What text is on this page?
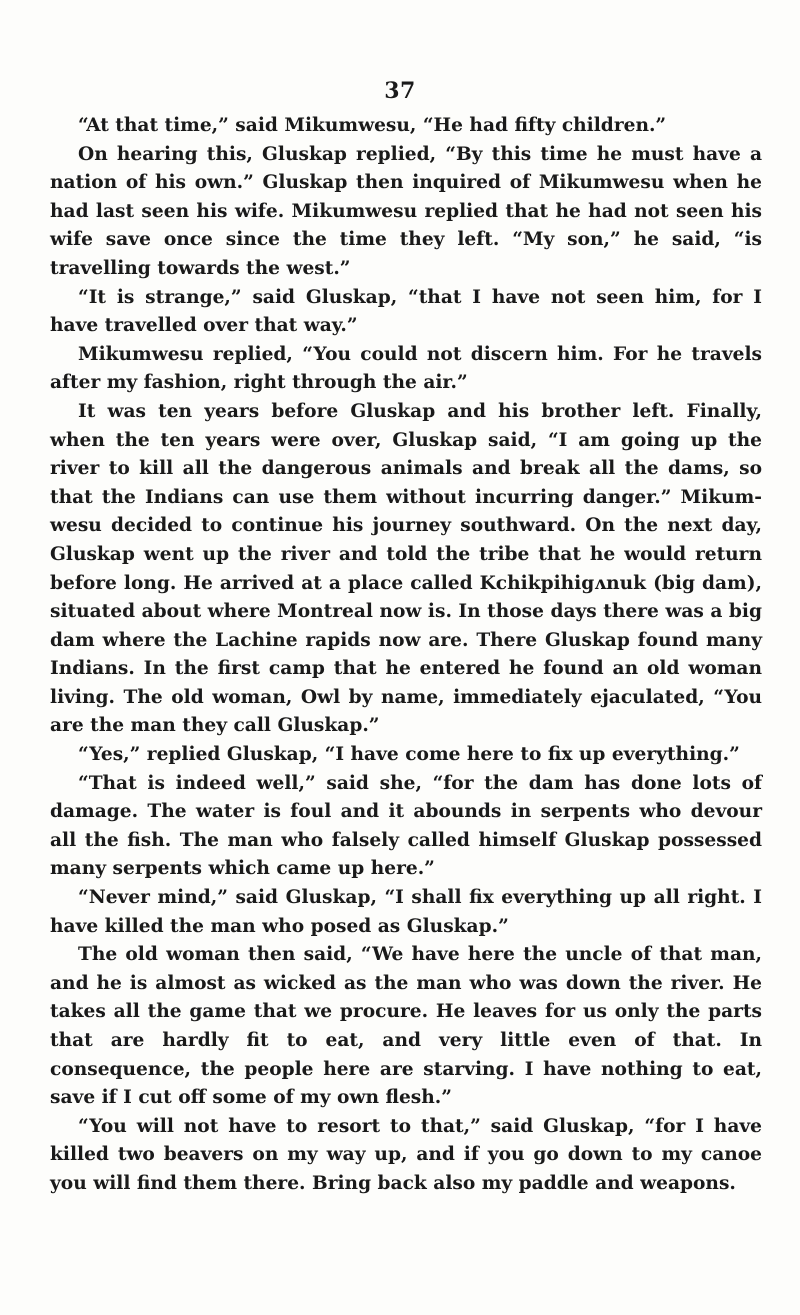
37

“At that time,” said Mikumwesu, “He had fifty children.”

On hearing this, Gluskap replied, “By this time he must have a nation of his own.” Gluskap then inquired of Mikumwesu when he had last seen his wife. Mikumwesu replied that he had not seen his wife save once since the time they left. “My son,” he said, “is travelling towards the west.”

“It is strange,” said Gluskap, “that I have not seen him, for I have travelled over that way.”

Mikumwesu replied, “You could not discern him. For he travels after my fashion, right through the air.”

It was ten years before Gluskap and his brother left. Finally, when the ten years were over, Gluskap said, “I am going up the river to kill all the dangerous animals and break all the dams, so that the Indians can use them without incurring danger.” Mikumwesu decided to continue his journey southward. On the next day, Gluskap went up the river and told the tribe that he would return before long. He arrived at a place called Kchikpihigʌnuk (big dam), situated about where Montreal now is. In those days there was a big dam where the Lachine rapids now are. There Gluskap found many Indians. In the first camp that he entered he found an old woman living. The old woman, Owl by name, immediately ejaculated, “You are the man they call Gluskap.”

“Yes,” replied Gluskap, “I have come here to fix up everything.”

“That is indeed well,” said she, “for the dam has done lots of damage. The water is foul and it abounds in serpents who devour all the fish. The man who falsely called himself Gluskap possessed many serpents which came up here.”

“Never mind,” said Gluskap, “I shall fix everything up all right. I have killed the man who posed as Gluskap.”

The old woman then said, “We have here the uncle of that man, and he is almost as wicked as the man who was down the river. He takes all the game that we procure. He leaves for us only the parts that are hardly fit to eat, and very little even of that. In consequence, the people here are starving. I have nothing to eat, save if I cut off some of my own flesh.”

“You will not have to resort to that,” said Gluskap, “for I have killed two beavers on my way up, and if you go down to my canoe you will find them there. Bring back also my paddle and weapons.
